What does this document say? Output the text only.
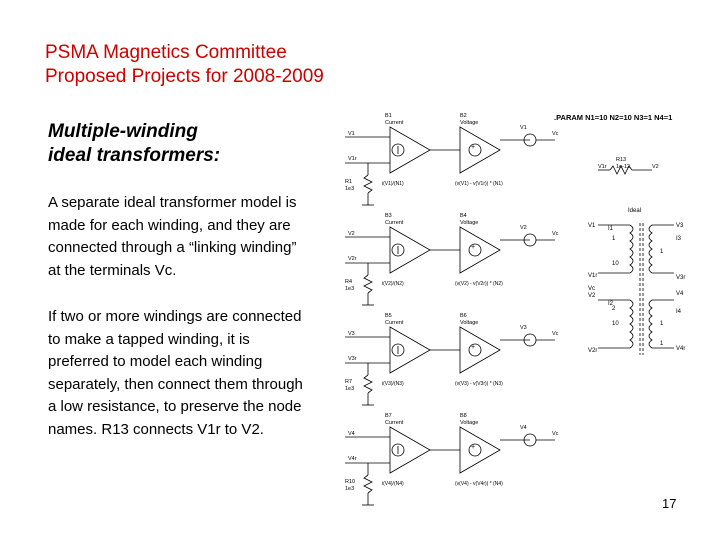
PSMA Magnetics Committee
Proposed Projects for 2008-2009
Multiple-winding
ideal transformers:
A separate ideal transformer model is made for each winding, and they are connected through a “linking winding” at the terminals Vc.
If two or more windings are connected to make a tapped winding, it is preferred to model each winding separately, then connect them through a low resistance, to preserve the node names. R13 connects V1r to V2.
17
.PARAM N1=10 N2=10 N3=1 N4=1
V1
V1r
B1
Current
B2
Voltage
+
V1
Vc
R1
1e3
i(V1)/(N1)	(v(V1) - v(V1r)) * (N1)
V2
V2r
B3
Current
B4
Voltage
+
V2
Vc
R4
1e3
i(V2)/(N2)	(v(V2) - v(V2r)) * (N2)
V3
V3r
B5
Current
B6
Voltage
+
V3
Vc
R7
1e3
i(V3)/(N3)	(v(V3) - v(V3r)) * (N3)
V4
V4r
B7
Current
B8
Voltage
+
V4
Vc
R10
1e3
i(V4)/(N4)	(v(V4) - v(V4r)) * (N4)
V1r
R13
1e-12	V2
Ideal
V1
V1r
Vc
V2
V2r
V3
V3r
V4
V4r
1
10
2
10
1
1
1
I1
I3
I2
I4
